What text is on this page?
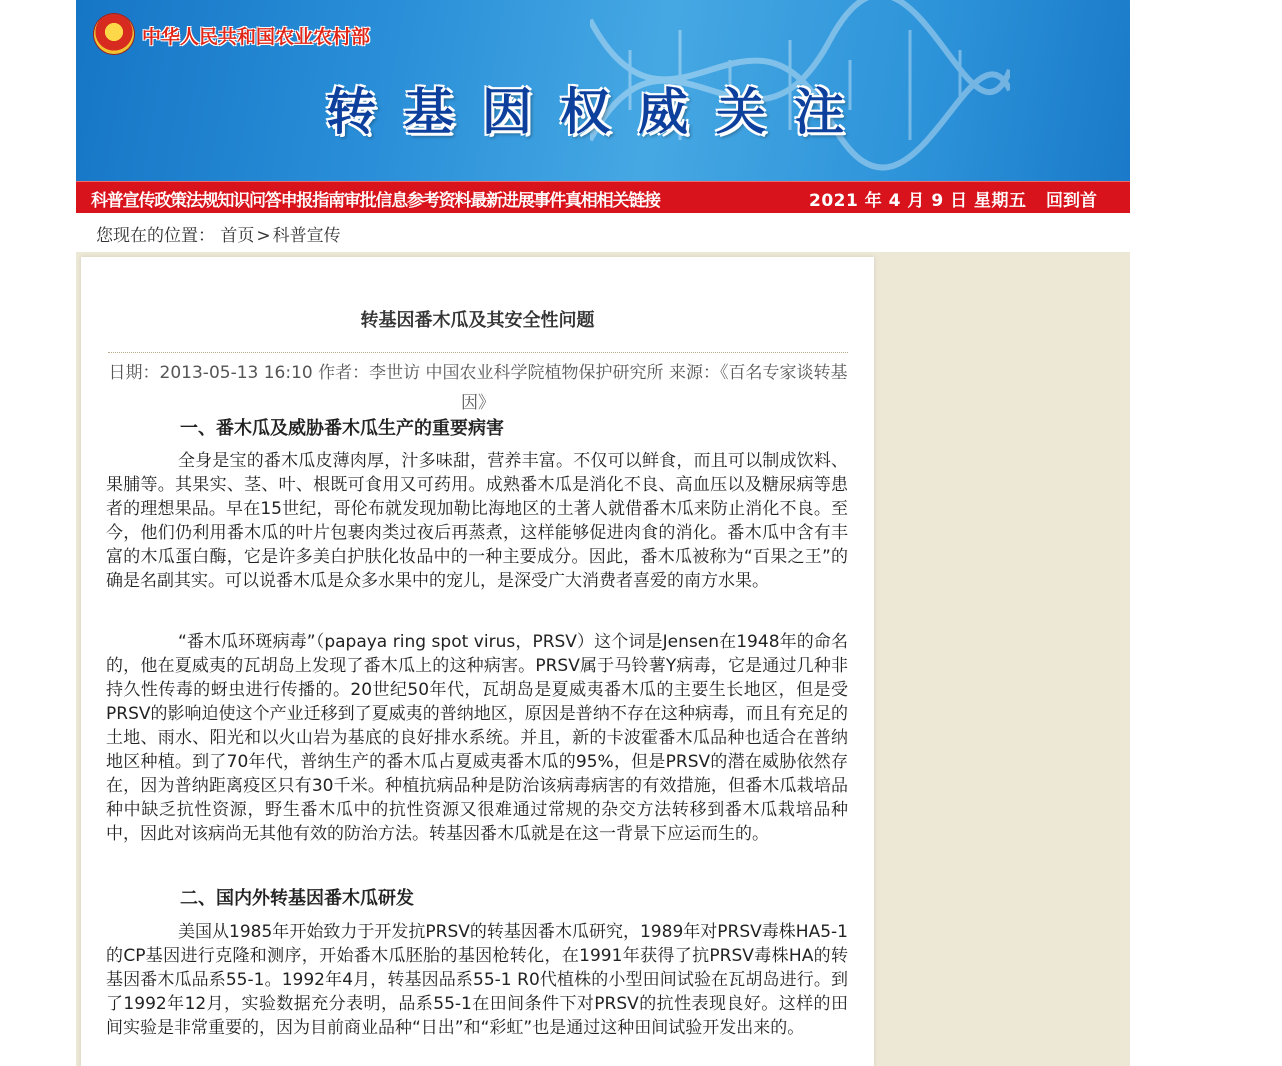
中华人民共和国农业农村部
转基因权威关注
科普宣传政策法规知识问答申报指南审批信息参考资料最新进展事件真相相关链接	2021 年 4 月 9 日 星期五 回到首
您现在的位置： 首页 > 科普宣传
转基因番木瓜及其安全性问题
日期：2013-05-13 16:10 作者：李世访 中国农业科学院植物保护研究所 来源：《百名专家谈转基因》
一、番木瓜及威胁番木瓜生产的重要病害
全身是宝的番木瓜皮薄肉厚，汁多味甜，营养丰富。不仅可以鲜食，而且可以制成饮料、果脯等。其果实、茎、叶、根既可食用又可药用。成熟番木瓜是消化不良、高血压以及糖尿病等患者的理想果品。早在15世纪，哥伦布就发现加勒比海地区的土著人就借番木瓜来防止消化不良。至今，他们仍利用番木瓜的叶片包裹肉类过夜后再蒸煮，这样能够促进肉食的消化。番木瓜中含有丰富的木瓜蛋白酶，它是许多美白护肤化妆品中的一种主要成分。因此，番木瓜被称为“百果之王”的确是名副其实。可以说番木瓜是众多水果中的宠儿，是深受广大消费者喜爱的南方水果。
“番木瓜环斑病毒”（papaya ring spot virus，PRSV）这个词是Jensen在1948年的命名的，他在夏威夷的瓦胡岛上发现了番木瓜上的这种病害。PRSV属于马铃薯Y病毒，它是通过几种非持久性传毒的蚜虫进行传播的。20世纪50年代，瓦胡岛是夏威夷番木瓜的主要生长地区，但是受PRSV的影响迫使这个产业迁移到了夏威夷的普纳地区，原因是普纳不存在这种病毒，而且有充足的土地、雨水、阳光和以火山岩为基底的良好排水系统。并且，新的卡波霍番木瓜品种也适合在普纳地区种植。到了70年代，普纳生产的番木瓜占夏威夷番木瓜的95%，但是PRSV的潜在威胁依然存在，因为普纳距离疫区只有30千米。种植抗病品种是防治该病毒病害的有效措施，但番木瓜栽培品种中缺乏抗性资源，野生番木瓜中的抗性资源又很难通过常规的杂交方法转移到番木瓜栽培品种中，因此对该病尚无其他有效的防治方法。转基因番木瓜就是在这一背景下应运而生的。
二、国内外转基因番木瓜研发
美国从1985年开始致力于开发抗PRSV的转基因番木瓜研究，1989年对PRSV毒株HA5-1的CP基因进行克隆和测序，开始番木瓜胚胎的基因枪转化，在1991年获得了抗PRSV毒株HA的转基因番木瓜品系55-1。1992年4月，转基因品系55-1 R0代植株的小型田间试验在瓦胡岛进行。到了1992年12月，实验数据充分表明，品系55-1在田间条件下对PRSV的抗性表现良好。这样的田间实验是非常重要的，因为目前商业品种“日出”和“彩虹”也是通过这种田间试验开发出来的。
